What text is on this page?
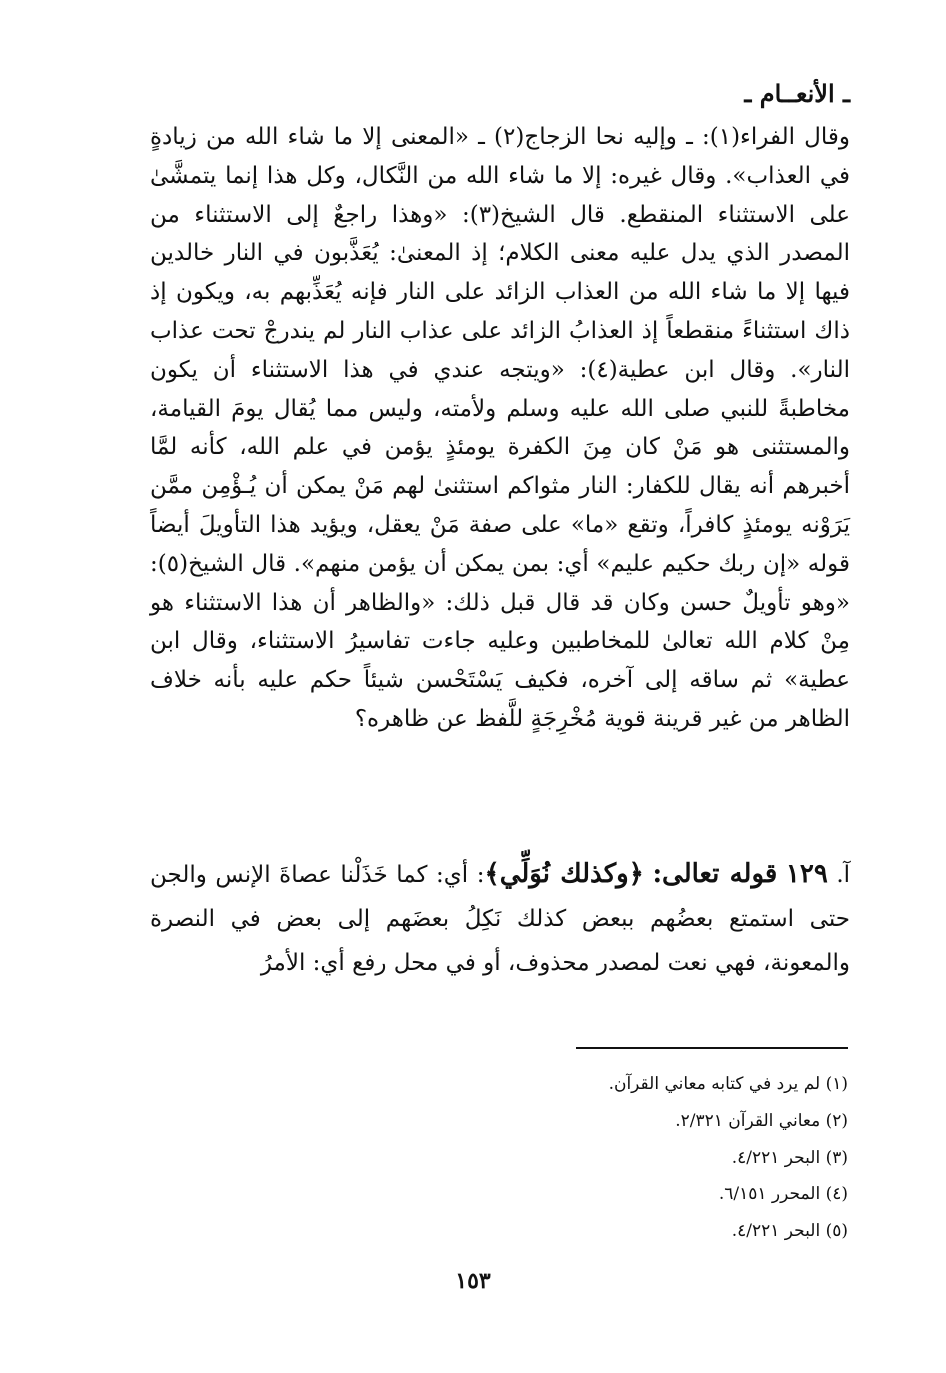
ـ الأنعــام ـ

وقال الفراء(١): ـ وإليه نحا الزجاج(٢) ـ «المعنى إلا ما شاء الله من زيادةٍ في العذاب». وقال غيره: إلا ما شاء الله من النَّكال، وكل هذا إنما يتمشَّىٰ على الاستثناء المنقطع. قال الشيخ(٣): «وهذا راجعٌ إلى الاستثناء من المصدر الذي يدل عليه معنى الكلام؛ إذ المعنىٰ: يُعَذَّبون في النار خالدين فيها إلا ما شاء الله من العذاب الزائد على النار فإنه يُعَذِّبهم به، ويكون إذ ذاك استثناءً منقطعاً إذ العذابُ الزائد على عذاب النار لم يندرجْ تحت عذاب النار». وقال ابن عطية(٤): «ويتجه عندي في هذا الاستثناء أن يكون مخاطبةً للنبي صلى الله عليه وسلم ولأمته، وليس مما يُقال يومَ القيامة، والمستثنى هو مَنْ كان مِنَ الكفرة يومئذٍ يؤمن في علم الله، كأنه لمَّا أخبرهم أنه يقال للكفار: النار مثواكم استثنىٰ لهم مَنْ يمكن أن يُـؤْمِن ممَّن يَرَوْنه يومئذٍ كافراً، وتقع «ما» على صفة مَنْ يعقل، ويؤيد هذا التأويلَ أيضاً قوله «إن ربك حكيم عليم» أي: بمن يمكن أن يؤمن منهم». قال الشيخ(٥): «وهو تأويلٌ حسن وكان قد قال قبل ذلك: «والظاهر أن هذا الاستثناء هو مِنْ كلام الله تعالىٰ للمخاطبين وعليه جاءت تفاسيرُ الاستثناء، وقال ابن عطية» ثم ساقه إلى آخره، فكيف يَسْتَحْسن شيئاً حكم عليه بأنه خلاف الظاهر من غير قرينة قوية مُخْرِجَةٍ للَّفظ عن ظاهره؟

آ. ١٢٩ قوله تعالى: ﴿وكذلك نُوَلِّي﴾: أي: كما خَذَلْنا عصاةَ الإنس والجن حتى استمتع بعضُهم ببعض كذلك نَكِلُ بعضَهم إلى بعض في النصرة والمعونة، فهي نعت لمصدر محذوف، أو في محل رفع أي: الأمرُ

(١) لم يرد في كتابه معاني القرآن.
(٢) معاني القرآن ٢/٣٢١.
(٣) البحر ٤/٢٢١.
(٤) المحرر ٦/١٥١.
(٥) البحر ٤/٢٢١.
١٥٣
